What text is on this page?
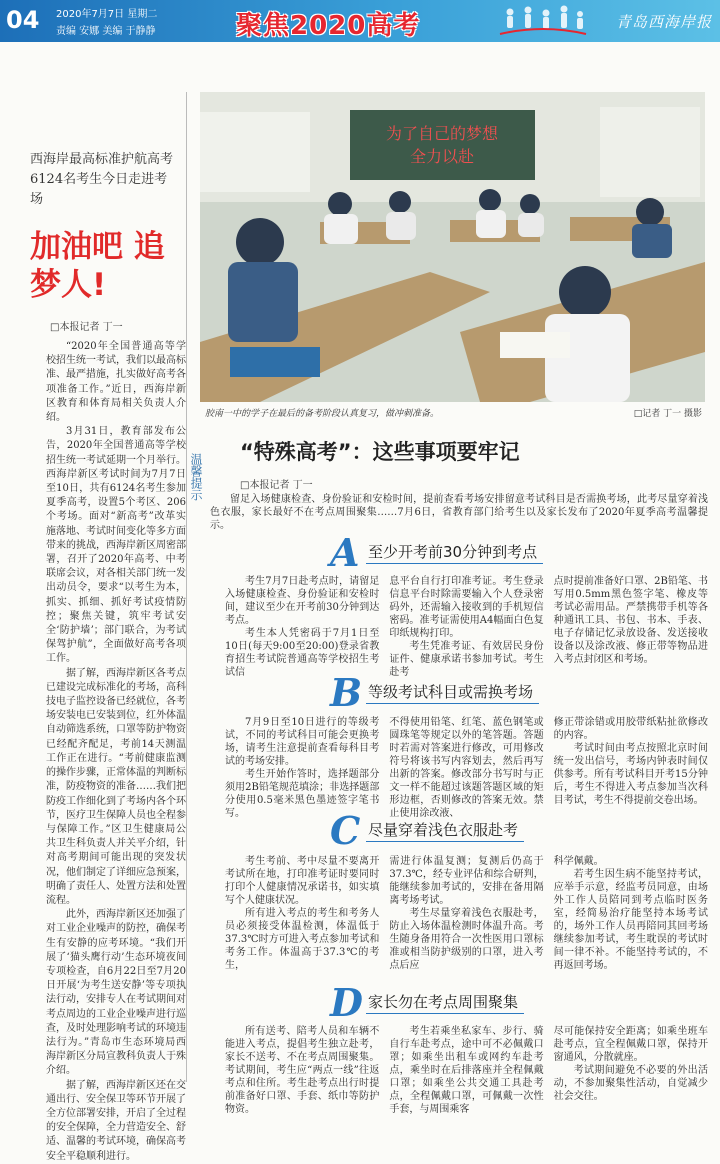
04 2020年7月7日 星期二
责编 安娜 美编 于静静	聚焦2020高考	青岛西海岸报
西海岸最高标准护航高考 6124名考生今日走进考场
加油吧 追梦人!
□本报记者 丁一

“2020年全国普通高等学校招生统一考试，我们以最高标准、最严措施，扎实做好高考各项准备工作。”近日，西海岸新区教育和体育局相关负责人介绍。

3月31日，教育部发布公告，2020年全国普通高等学校招生统一考试延期一个月举行。西海岸新区考试时间为7月7日至10日，共有6124名考生参加夏季高考，设置5个考区、206个考场。面对“新高考”改革实施落地、考试时间变化等多方面带来的挑战，西海岸新区周密部署，召开了2020年高考、中考联席会议，对各相关部门统一发出动员令，要求“以考生为本，抓实、抓细、抓好考试疫情防控；聚焦关键，筑牢考试安全‘防护墙’；部门联合，为考试保驾护航”，全面做好高考各项工作。

据了解，西海岸新区各考点已建设完成标准化的考场，高科技电子监控设备已经就位，各考场安装电已安装到位，红外体温自动筛选系统，口罩等防护物资已经配齐配足，考前14天测温工作正在进行。“考前健康监测的操作步骤，正常体温的判断标准，防疫物资的准备……我们把防疫工作细化到了考场内各个环节，医疗卫生保障人员也全程参与保障工作。”区卫生健康局公共卫生科负责人并关平介绍，针对高考期间可能出现的突发状况，他们制定了详细应急预案，明确了责任人、处置方法和处置流程。

此外，西海岸新区还加强了对工业企业噪声的防控，确保考生有安静的应考环境。“我们开展了‘猫头鹰行动’生态环境夜间专项检查，自6月22日至7月20日开展‘为考生送安静’等专项执法行动，安排专人在考试期间对考点周边的工业企业噪声进行巡查，及时处理影响考试的环境违法行为。”青岛市生态环境局西海岸新区分局宣教科负责人于殊介绍。

据了解，西海岸新区还在交通出行、安全保卫等环节开展了全方位部署安排，开启了全过程的安全保障，全力营造安全、舒适、温馨的考试环境，确保高考安全平稳顺利进行。

为了自己的梦想
全力以赴
胶南一中的学子在最后的备考阶段认真复习，做冲刺准备。	□记者 丁一 摄影
温馨提示
“特殊高考”：这些事项要牢记
□本报记者 丁一

留足入场健康检查、身份验证和安检时间，提前查看考场安排留意考试科目是否需换考场，此考尽量穿着浅色衣服，家长最好不在考点周围聚集……7月6日，省教育部门给考生以及家长发布了2020年夏季高考温馨提示。

A 至少开考前30分钟到考点

考生7月7日赴考点时，请留足入场健康检查、身份验证和安检时间，建议至少在开考前30分钟到达考点。

考生本人凭密码于7月1日至10日(每天9:00至20:00)登录省教育招生考试院普通高等学校招生考试信

息平台自行打印准考证。考生登录信息平台时除需要输入个人登录密码外，还需输入接收到的手机短信密码。准考证需使用A4幅面白色复印纸规构打印。

考生凭准考证、有效居民身份证件、健康承诺书参加考试。考生赴考

点时提前准备好口罩、2B铅笔、书写用0.5mm黑色签字笔、橡皮等考试必需用品。严禁携带手机等各种通讯工具、书包、书本、手表、电子存储记忆录放设备、发送接收设备以及涂改液、修正带等物品进入考点封闭区和考场。

B 等级考试科目或需换考场

7月9日至10日进行的等级考试，不同的考试科目可能会更换考场，请考生注意提前查看每科目考试的考场安排。

考生开始作答时，选择题部分须用2B铅笔规范填涂；非选择题部分使用0.5毫米黑色墨迹签字笔书写。

不得使用铅笔、红笔、蓝色钢笔或圆珠笔等规定以外的笔答题。答题时若需对答案进行修改，可用修改符号将该书写内容划去，然后再写出新的答案。修改部分书写时与正文一样不能超过该题答题区域的矩形边框，否则修改的答案无效。禁止使用涂改液、

修正带涂错或用胶带纸粘扯欲修改的内容。

考试时间由考点按照北京时间统一发出信号，考场内钟表时间仅供参考。所有考试科目开考15分钟后，考生不得进入考点参加当次科目考试，考生不得提前交卷出场。

C 尽量穿着浅色衣服赴考

考生考前、考中尽量不要离开考试所在地，打印准考证时要同时打印个人健康情况承诺书，如实填写个人健康状况。

所有进入考点的考生和考务人员必须接受体温检测，体温低于37.3℃时方可进入考点参加考试和考务工作。体温高于37.3℃的考生，

需进行体温复测；复测后仍高于37.3℃，经专业评估和综合研判，能继续参加考试的，安排在备用隔离考场考试。

考生尽量穿着浅色衣服赴考，防止入场体温检测时体温升高。考生随身备用符合一次性医用口罩标准或相当防护级别的口罩，进入考点后应

科学佩戴。

若考生因生病不能坚持考试，应举手示意，经监考员同意，由场外工作人员陪同到考点临时医务室，经简易治疗能坚持本场考试的，场外工作人员再陪同其回考场继续参加考试，考生耽误的考试时间一律不补。不能坚持考试的，不再返回考场。

D 家长勿在考点周围聚集

所有送考、陪考人员和车辆不能进入考点，提倡考生独立赴考，家长不送考、不在考点周围聚集。考试期间，考生应“两点一线”往返考点和住所。考生赴考点出行时提前准备好口罩、手套、纸巾等防护物资。

考生若乘坐私家车、步行、骑自行车赴考点，途中可不必佩戴口罩；如乘坐出租车或网约车赴考点，乘坐时在后排落座并全程佩戴口罩；如乘坐公共交通工具赴考点，全程佩戴口罩，可佩戴一次性手套，与周围乘客

尽可能保持安全距离；如乘坐班车赴考点，宜全程佩戴口罩，保持开窗通风，分散就座。

考试期间避免不必要的外出活动，不参加聚集性活动，自觉减少社会交往。
